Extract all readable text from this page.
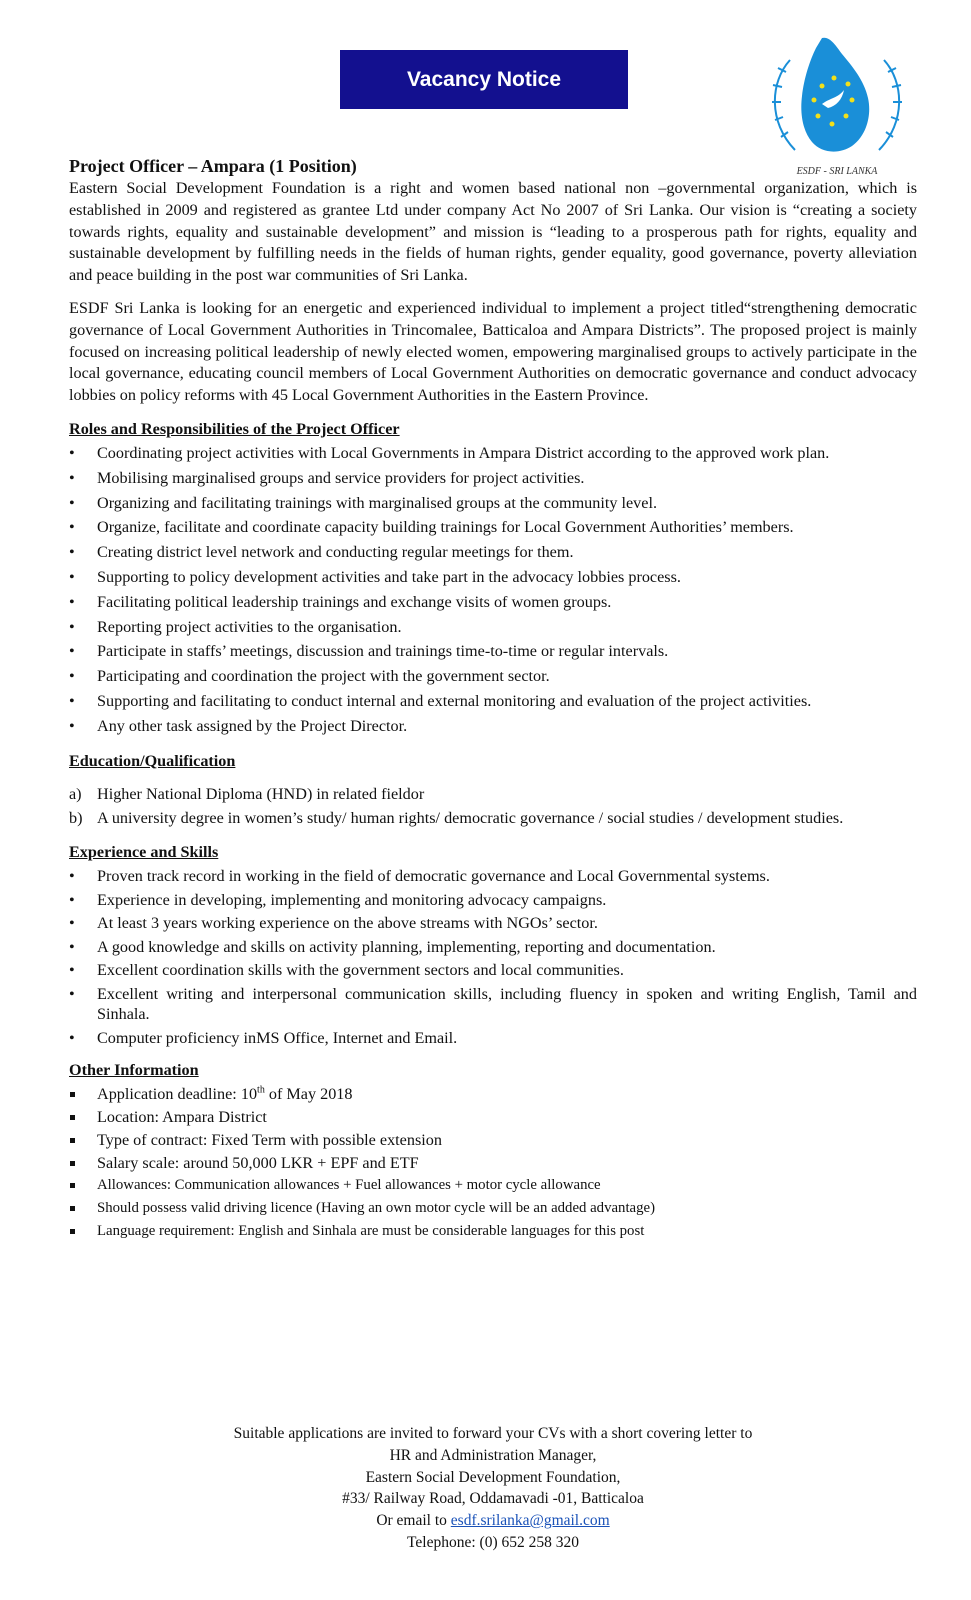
Vacancy Notice
ESDF - SRI LANKA
Project Officer – Ampara (1 Position)

Eastern Social Development Foundation is a right and women based national non –governmental organization, which is established in 2009 and registered as grantee Ltd under company Act No 2007 of Sri Lanka. Our vision is “creating a society towards rights, equality and sustainable development” and mission is “leading to a prosperous path for rights, equality and sustainable development by fulfilling needs in the fields of human rights, gender equality, good governance, poverty alleviation and peace building in the post war communities of Sri Lanka.

ESDF Sri Lanka is looking for an energetic and experienced individual to implement a project titled“strengthening democratic governance of Local Government Authorities in Trincomalee, Batticaloa and Ampara Districts”. The proposed project is mainly focused on increasing political leadership of newly elected women, empowering marginalised groups to actively participate in the local governance, educating council members of Local Government Authorities on democratic governance and conduct advocacy lobbies on policy reforms with 45 Local Government Authorities in the Eastern Province.

Roles and Responsibilities of the Project Officer
• Coordinating project activities with Local Governments in Ampara District according to the approved work plan.
• Mobilising marginalised groups and service providers for project activities.
• Organizing and facilitating trainings with marginalised groups at the community level.
• Organize, facilitate and coordinate capacity building trainings for Local Government Authorities’ members.
• Creating district level network and conducting regular meetings for them.
• Supporting to policy development activities and take part in the advocacy lobbies process.
• Facilitating political leadership trainings and exchange visits of women groups.
• Reporting project activities to the organisation.
• Participate in staffs’ meetings, discussion and trainings time-to-time or regular intervals.
• Participating and coordination the project with the government sector.
• Supporting and facilitating to conduct internal and external monitoring and evaluation of the project activities.
• Any other task assigned by the Project Director.
Education/Qualification
a) Higher National Diploma (HND) in related fieldor
b) A university degree in women’s study/ human rights/ democratic governance / social studies / development studies.
Experience and Skills
• Proven track record in working in the field of democratic governance and Local Governmental systems.
• Experience in developing, implementing and monitoring advocacy campaigns.
• At least 3 years working experience on the above streams with NGOs’ sector.
• A good knowledge and skills on activity planning, implementing, reporting and documentation.
• Excellent coordination skills with the government sectors and local communities.
• Excellent writing and interpersonal communication skills, including fluency in spoken and writing English, Tamil and Sinhala.
• Computer proficiency inMS Office, Internet and Email.
Other Information
Application deadline: 10th of May 2018
Location: Ampara District
Type of contract: Fixed Term with possible extension
Salary scale: around 50,000 LKR + EPF and ETF
Allowances: Communication allowances + Fuel allowances + motor cycle allowance
Should possess valid driving licence (Having an own motor cycle will be an added advantage)
Language requirement: English and Sinhala are must be considerable languages for this post
Suitable applications are invited to forward your CVs with a short covering letter to
HR and Administration Manager,
Eastern Social Development Foundation,
#33/ Railway Road, Oddamavadi -01, Batticaloa
Or email to esdf.srilanka@gmail.com
Telephone: (0) 652 258 320
